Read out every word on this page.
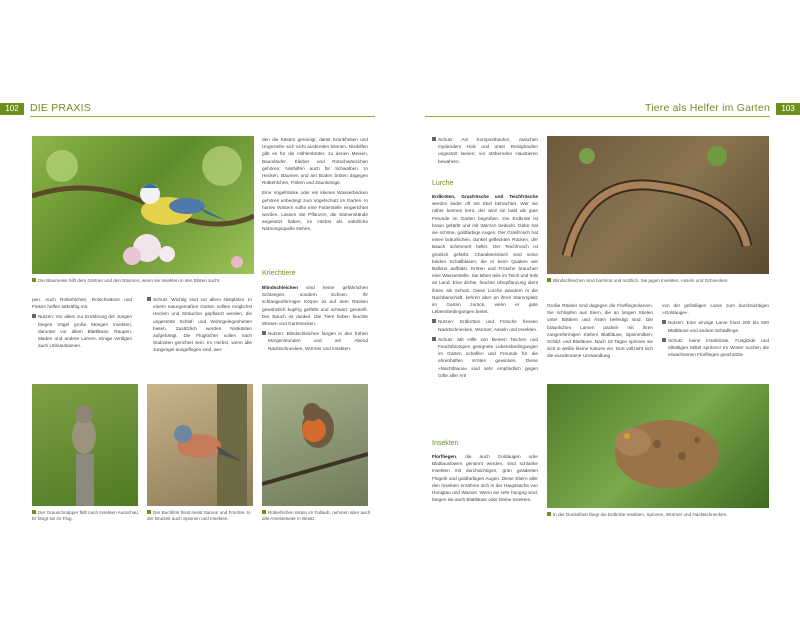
102	DIE PRAXIS
Die Blaumeise hilft dem Gärtner und den Bäumen, wenn sie Insekten in den Blüten sucht.

pen. Auch Rotkehlchen, Rotschwänze und Finken helfen tatkräftig mit.

Nutzen: Vor allem zur Ernährung der Jungen fangen Vögel große Mengen Insekten, darunter vor allem Blattläuse, Raupen, Maden und andere Larven. Einige vertilgen auch Unkrautsamen.

Schutz: Wichtig sind vor allem Nistplätze. In einem naturgemäßen Garten sollten möglichst Hecken und Sträucher gepflanzt werden, die ungestörte Schlaf- und Wohngelegenheiten bieten. Zusätzlich werden Nistkästen aufgehängt. Die Fluglöcher sollen nach Südosten gerichtet sein. Im Herbst, wenn alle Jungvögel ausgeflogen sind, wer-

den die Kästen gereinigt, damit Krankheiten und Ungeziefer sich nicht ausbreiten können. Nisthilfen gibt es für die Höhlenbrüter, zu denen Meisen, Baumläufer, Kleiber und Rotschwänzchen gehören; Nisthilfen auch für Schwalben. In Hecken, Bäumen und am Boden brüten dagegen Rotkehlchen, Finken und Zaunkönige.

Eine Vogeltränke oder ein kleines Wasserbecken gehören unbedingt zum Vogelschutz im Garten. In harten Wintern sollte eine Futterstelle eingerichtet werden. Lassen Sie Pflanzen, die Samenstände angesetzt haben, im Herbst als natürliche Nahrungsquelle stehen.

Kriechtiere

Blindschleichen sind keine gefährlichen Schlangen, sondern Echsen. Ihr schlangenförmiger Körper ist auf dem Rücken gewöhnlich kupfrig gefärbt und schwarz gestreift. Der Bauch ist dunkel. Die Tiere lieben feuchte Wiesen und Gartenecken.

Nutzen: Blindschleichen fangen in den frühen Morgenstunden und am Abend Nacktschnecken, Würmer und Insekten.

Der Grauschnäpper fällt nach Insekten Ausschau. Er fängt sie im Flug.
Der Buchfink frisst meist Samen und Früchte. In der Brutzeit auch Spinnen und Insekten.
Rotkehlchen nisten im Fallaub, nehmen aber auch alte Ameiseneier in Besitz.
Tiere als Helfer im Garten	103

Schutz: Am Komposthaufen, zwischen mydendem Holz und unter Reisighaufen ungestört lassen; vor stöbernden Haustieren bewahren.

Lurche

Erdkröten, Grasfrösche und Teichfrösche werden leider oft mit Ekel betrachtet. Wer sie näher kennen lernt, der wird sie bald als gute Freunde im Garten begrüßen. Die Erdkröte ist braun gefärbt und mit Warzen bedeckt. Dafür hat sie schöne, goldfarbige Augen. Der Grasfrosch hat einen bräunlichen, dunkel gefleckten Rücken, der Bauch schimmert heller. Der Teichfrosch ist grünlich gefärbt. Charakteristisch sind seine beiden Schallblasen, die er beim Quaken wie Ballons aufbläst. Kröten und Frösche brauchen eine Wasserstelle. Sie leben teils im Teich und teils an Land. Eine dichte, feuchte Uferpflanzung dient ihnen als Schutz. Diese Lurche wandern in die Nachbarschaft, kehren aber an ihren Stammplatz im Garten zurück, wenn er gute Lebensbedingungen bietet.

Nutzen: Erdkröten und Frösche fressen Nacktschnecken, Würmer, Asseln und Insekten.

Schutz: Mit Hilfe von kleinen Teichen und Feuchtbiotopen geeignete Lebensbedingungen im Garten schaffen und Freunde für die ehrenhaften Kröten gewinnen. Diese »Nachtfauna« sind sehr empfindlich gegen Gifte aller Art!

Insekten

Florfliegen, die auch Goldaugen oder Blattlauslöwen genannt werden, sind schlanke Insekten mit durchsichtigen, grün geäderten Flügeln und goldfarbigen Augen. Diese Eltern aller den Insekten ernähren sich in der Hauptsache von Honigtau und Wasser. Wenn sie sehr hungrig sind, fangen sie auch Blattläuse oder kleine Insekten.

Blindschleichen sind harmlos und nützlich. Sie jagen Insekten, Asseln und Schnecken.

Große Räuber sind dagegen die Florfliegenlarven. Sie schlüpfen aus Eiern, die an langen Stielen unter Blättern und Ästen befestigt sind. Die bräunlichen Larven packen mit ihren zangenförmigen Kiefern Blattläuse, Spinnmilben, Schild- und Blutläuse. Nach 18 Tagen spinnen sie sich in weiße kleine Kokons ein. Dort vollzieht sich die wundersame Umwandlung

von der gefräßigen Larve zum durchsichtigen »Goldauge«.

Nutzen: Eine einzige Larve frisst 200 bis 500 Blattläuse und andere Schädlinge.

Schutz: keine Insektizide, Fungizide und ölhaltigen Mittel spritzen! Im Winter suchen die erwachsenen Florfliegen geschützte

In der Dunkelheit fängt die Erdkröte Insekten, Spinnen, Würmer und Nacktschnecken.
